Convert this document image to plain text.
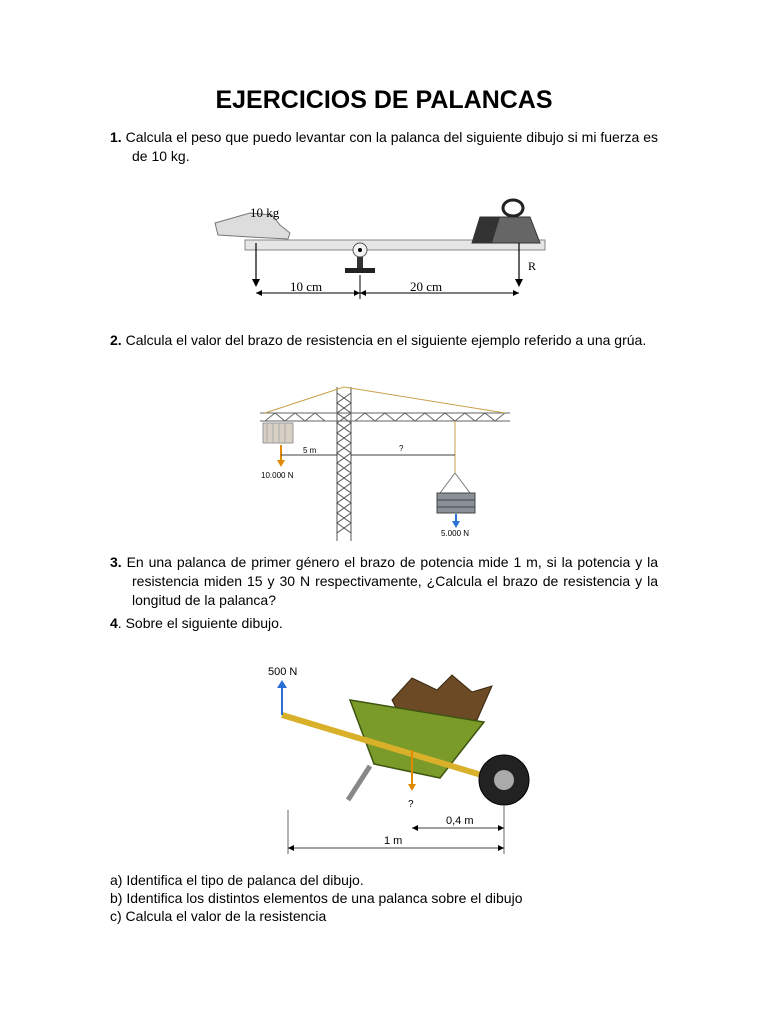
EJERCICIOS DE PALANCAS
1. Calcula el peso que puedo levantar con la palanca del siguiente dibujo si mi fuerza es de 10 kg.
10 kg
10 cm	20 cm
R
2. Calcula el valor del brazo de resistencia en el siguiente ejemplo referido a una grúa.
5 m	?
10.000 N
5.000 N
3. En una palanca de primer género el brazo de potencia mide 1 m, si la potencia y la resistencia miden 15 y 30 N respectivamente, ¿Calcula el brazo de resistencia y la longitud de la palanca?
4. Sobre el siguiente dibujo.
500 N
?
0,4 m
1 m
a) Identifica el tipo de palanca del dibujo.
b) Identifica los distintos elementos de una palanca sobre el dibujo
c) Calcula el valor de la resistencia
